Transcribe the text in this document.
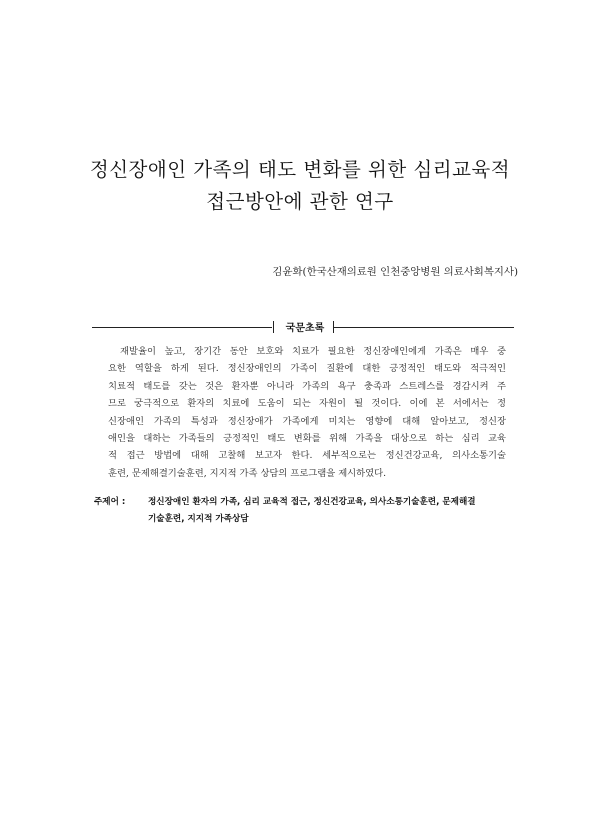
정신장애인 가족의 태도 변화를 위한 심리교육적
접근방안에 관한 연구
김윤화(한국산재의료원 인천중앙병원 의료사회복지사)
국문초록
재발율이 높고, 장기간 동안 보호와 치료가 필요한 정신장애인에게 가족은 매우 중
요한 역할을 하게 된다. 정신장애인의 가족이 질환에 대한 긍정적인 태도와 적극적인
치료적 태도를 갖는 것은 환자뿐 아니라 가족의 욕구 충족과 스트레스를 경감시켜 주
므로 궁극적으로 환자의 치료에 도움이 되는 자원이 될 것이다. 이에 본 서에서는 정
신장애인 가족의 특성과 정신장애가 가족에게 미치는 영향에 대해 알아보고, 정신장
애인을 대하는 가족들의 긍정적인 태도 변화를 위해 가족을 대상으로 하는 심리 교육
적 접근 방법에 대해 고찰해 보고자 한다. 세부적으로는 정신건강교육, 의사소통기술
훈련, 문제해결기술훈련, 지지적 가족 상담의 프로그램을 제시하였다.
주제어 :	정신장애인 환자의 가족, 심리 교육적 접근, 정신건강교육, 의사소통기술훈련, 문제해결
기술훈련, 지지적 가족상담
